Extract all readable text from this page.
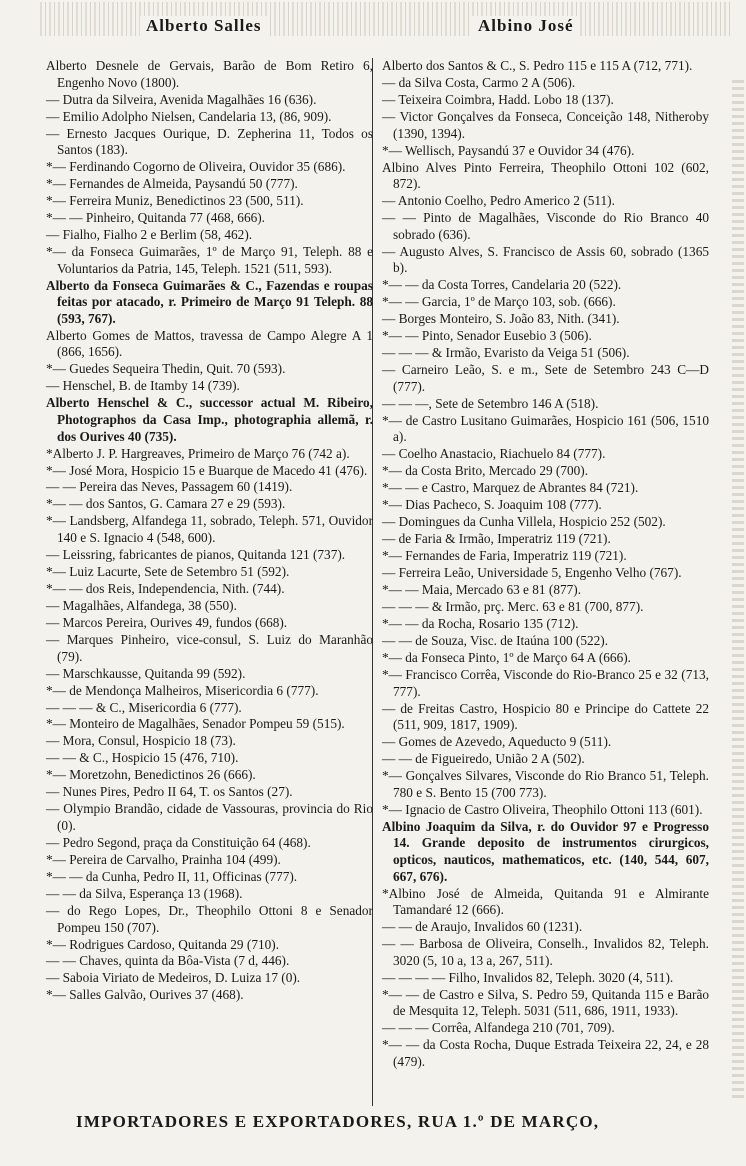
Alberto Salles	Albino José

Alberto Desnele de Gervais, Barão de Bom Retiro 6, Engenho Novo (1800).

— Dutra da Silveira, Avenida Magalhães 16 (636).

— Emilio Adolpho Nielsen, Candelaria 13, (86, 909).

— Ernesto Jacques Ourique, D. Zepherina 11, Todos os Santos (183).

*— Ferdinando Cogorno de Oliveira, Ouvidor 35 (686).

*— Fernandes de Almeida, Paysandú 50 (777).

*— Ferreira Muniz, Benedictinos 23 (500, 511).

*— — Pinheiro, Quitanda 77 (468, 666).

— Fialho, Fialho 2 e Berlim (58, 462).

*— da Fonseca Guimarães, 1º de Março 91, Teleph. 88 e Voluntarios da Patria, 145, Teleph. 1521 (511, 593).

Alberto da Fonseca Guimarães & C., Fazendas e roupas feitas por atacado, r. Primeiro de Março 91 Teleph. 88 (593, 767).

Alberto Gomes de Mattos, travessa de Campo Alegre A 1 (866, 1656).

*— Guedes Sequeira Thedin, Quit. 70 (593).

— Henschel, B. de Itamby 14 (739).

Alberto Henschel & C., successor actual M. Ribeiro, Photographos da Casa Imp., photographia allemã, r. dos Ourives 40 (735).

*Alberto J. P. Hargreaves, Primeiro de Março 76 (742 a).

*— José Mora, Hospicio 15 e Buarque de Macedo 41 (476).

— — Pereira das Neves, Passagem 60 (1419).

*— — dos Santos, G. Camara 27 e 29 (593).

*— Landsberg, Alfandega 11, sobrado, Teleph. 571, Ouvidor 140 e S. Ignacio 4 (548, 600).

— Leissring, fabricantes de pianos, Quitanda 121 (737).

*— Luiz Lacurte, Sete de Setembro 51 (592).

*— — dos Reis, Independencia, Nith. (744).

— Magalhães, Alfandega, 38 (550).

— Marcos Pereira, Ourives 49, fundos (668).

— Marques Pinheiro, vice-consul, S. Luiz do Maranhão (79).

— Marschkausse, Quitanda 99 (592).

*— de Mendonça Malheiros, Misericordia 6 (777).

— — — & C., Misericordia 6 (777).

*— Monteiro de Magalhães, Senador Pompeu 59 (515).

— Mora, Consul, Hospicio 18 (73).

— — & C., Hospicio 15 (476, 710).

*— Moretzohn, Benedictinos 26 (666).

— Nunes Pires, Pedro II 64, T. os Santos (27).

— Olympio Brandão, cidade de Vassouras, provincia do Rio (0).

— Pedro Segond, praça da Constituição 64 (468).

*— Pereira de Carvalho, Prainha 104 (499).

*— — da Cunha, Pedro II, 11, Officinas (777).

— — da Silva, Esperança 13 (1968).

— do Rego Lopes, Dr., Theophilo Ottoni 8 e Senador Pompeu 150 (707).

*— Rodrigues Cardoso, Quitanda 29 (710).

— — Chaves, quinta da Bôa-Vista (7 d, 446).

— Saboia Viriato de Medeiros, D. Luiza 17 (0).

*— Salles Galvão, Ourives 37 (468).

Alberto dos Santos & C., S. Pedro 115 e 115 A (712, 771).

— da Silva Costa, Carmo 2 A (506).

— Teixeira Coimbra, Hadd. Lobo 18 (137).

— Victor Gonçalves da Fonseca, Conceição 148, Nitheroby (1390, 1394).

*— Wellisch, Paysandú 37 e Ouvidor 34 (476).

Albino Alves Pinto Ferreira, Theophilo Ottoni 102 (602, 872).

— Antonio Coelho, Pedro Americo 2 (511).

— — Pinto de Magalhães, Visconde do Rio Branco 40 sobrado (636).

— Augusto Alves, S. Francisco de Assis 60, sobrado (1365 b).

*— — da Costa Torres, Candelaria 20 (522).

*— — Garcia, 1º de Março 103, sob. (666).

— Borges Monteiro, S. João 83, Nith. (341).

*— — Pinto, Senador Eusebio 3 (506).

— — — & Irmão, Evaristo da Veiga 51 (506).

— Carneiro Leão, S. e m., Sete de Setembro 243 C—D (777).

— — —, Sete de Setembro 146 A (518).

*— de Castro Lusitano Guimarães, Hospicio 161 (506, 1510 a).

— Coelho Anastacio, Riachuelo 84 (777).

*— da Costa Brito, Mercado 29 (700).

*— — e Castro, Marquez de Abrantes 84 (721).

*— Dias Pacheco, S. Joaquim 108 (777).

— Domingues da Cunha Villela, Hospicio 252 (502).

— de Faria & Irmão, Imperatriz 119 (721).

*— Fernandes de Faria, Imperatriz 119 (721).

— Ferreira Leão, Universidade 5, Engenho Velho (767).

*— — Maia, Mercado 63 e 81 (877).

— — — & Irmão, prç. Merc. 63 e 81 (700, 877).

*— — da Rocha, Rosario 135 (712).

— — de Souza, Visc. de Itaúna 100 (522).

*— da Fonseca Pinto, 1º de Março 64 A (666).

*— Francisco Corrêa, Visconde do Rio-Branco 25 e 32 (713, 777).

— de Freitas Castro, Hospicio 80 e Principe do Cattete 22 (511, 909, 1817, 1909).

— Gomes de Azevedo, Aqueducto 9 (511).

— — de Figueiredo, União 2 A (502).

*— Gonçalves Silvares, Visconde do Rio Branco 51, Teleph. 780 e S. Bento 15 (700 773).

*— Ignacio de Castro Oliveira, Theophilo Ottoni 113 (601).

Albino Joaquim da Silva, r. do Ouvidor 97 e Progresso 14. Grande deposito de instrumentos cirurgicos, opticos, nauticos, mathematicos, etc. (140, 544, 607, 667, 676).

*Albino José de Almeida, Quitanda 91 e Almirante Tamandaré 12 (666).

— — de Araujo, Invalidos 60 (1231).

— — Barbosa de Oliveira, Conselh., Invalidos 82, Teleph. 3020 (5, 10 a, 13 a, 267, 511).

— — — — Filho, Invalidos 82, Teleph. 3020 (4, 511).

*— — de Castro e Silva, S. Pedro 59, Quitanda 115 e Barão de Mesquita 12, Teleph. 5031 (511, 686, 1911, 1933).

— — — Corrêa, Alfandega 210 (701, 709).

*— — da Costa Rocha, Duque Estrada Teixeira 22, 24, e 28 (479).

IMPORTADORES E EXPORTADORES, RUA 1.º DE MARÇO,
